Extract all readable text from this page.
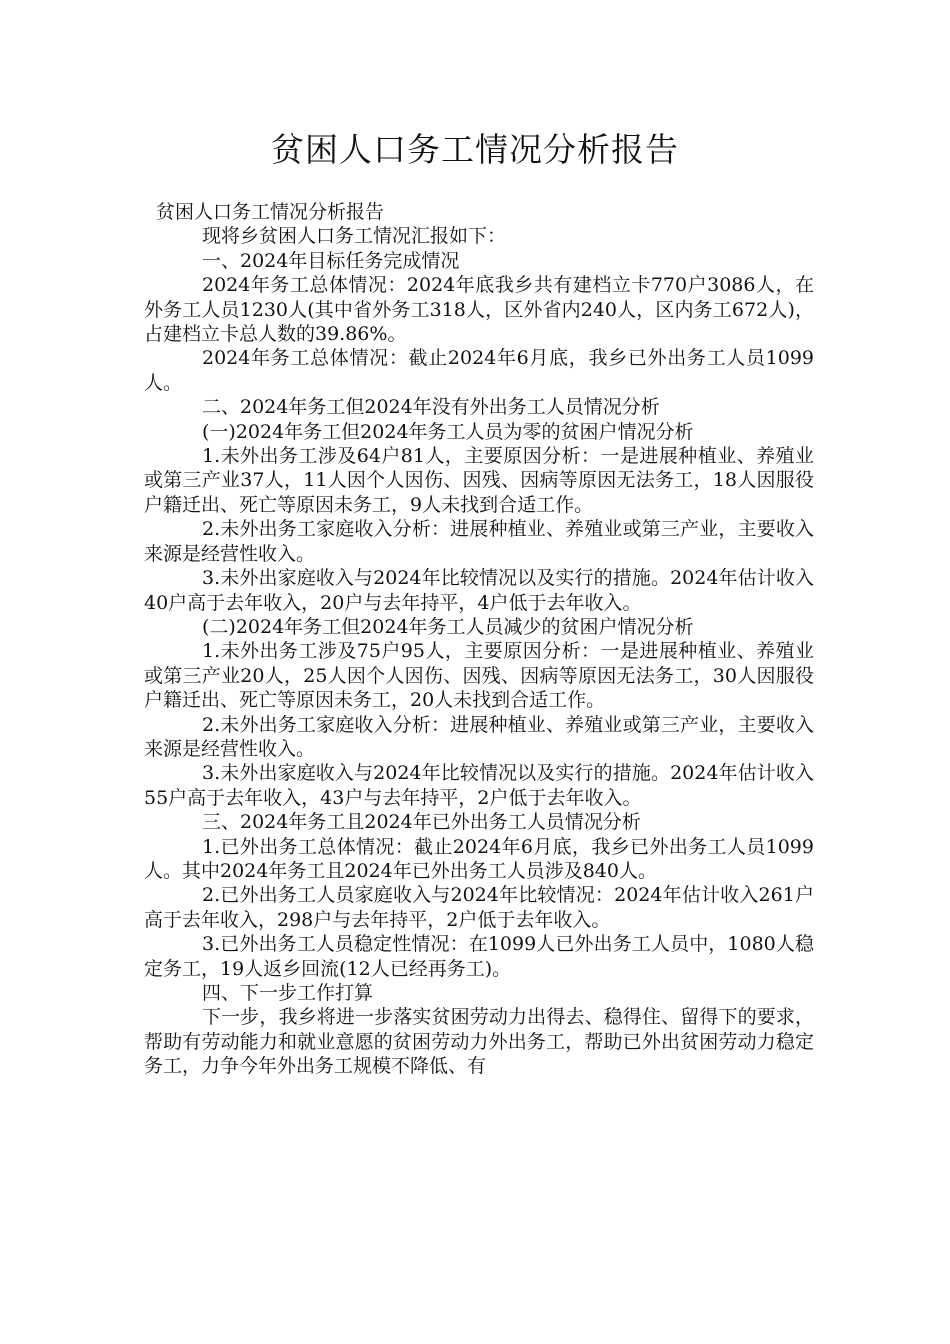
贫困人口务工情况分析报告

贫困人口务工情况分析报告

现将乡贫困人口务工情况汇报如下：

一、2024年目标任务完成情况

2024年务工总体情况：2024年底我乡共有建档立卡770户3086人，在外务工人员1230人(其中省外务工318人，区外省内240人，区内务工672人)，占建档立卡总人数的39.86%。

2024年务工总体情况：截止2024年6月底，我乡已外出务工人员1099人。

二、2024年务工但2024年没有外出务工人员情况分析

(一)2024年务工但2024年务工人员为零的贫困户情况分析

1.未外出务工涉及64户81人，主要原因分析：一是进展种植业、养殖业或第三产业37人，11人因个人因伤、因残、因病等原因无法务工，18人因服役户籍迁出、死亡等原因未务工，9人未找到合适工作。

2.未外出务工家庭收入分析：进展种植业、养殖业或第三产业，主要收入来源是经营性收入。

3.未外出家庭收入与2024年比较情况以及实行的措施。2024年估计收入40户高于去年收入，20户与去年持平，4户低于去年收入。

(二)2024年务工但2024年务工人员减少的贫困户情况分析

1.未外出务工涉及75户95人，主要原因分析：一是进展种植业、养殖业或第三产业20人，25人因个人因伤、因残、因病等原因无法务工，30人因服役户籍迁出、死亡等原因未务工，20人未找到合适工作。

2.未外出务工家庭收入分析：进展种植业、养殖业或第三产业，主要收入来源是经营性收入。

3.未外出家庭收入与2024年比较情况以及实行的措施。2024年估计收入55户高于去年收入，43户与去年持平，2户低于去年收入。

三、2024年务工且2024年已外出务工人员情况分析

1.已外出务工总体情况：截止2024年6月底，我乡已外出务工人员1099人。其中2024年务工且2024年已外出务工人员涉及840人。

2.已外出务工人员家庭收入与2024年比较情况：2024年估计收入261户高于去年收入，298户与去年持平，2户低于去年收入。

3.已外出务工人员稳定性情况：在1099人已外出务工人员中，1080人稳定务工，19人返乡回流(12人已经再务工)。

四、下一步工作打算

下一步，我乡将进一步落实贫困劳动力出得去、稳得住、留得下的要求，帮助有劳动能力和就业意愿的贫困劳动力外出务工，帮助已外出贫困劳动力稳定务工，力争今年外出务工规模不降低、有
